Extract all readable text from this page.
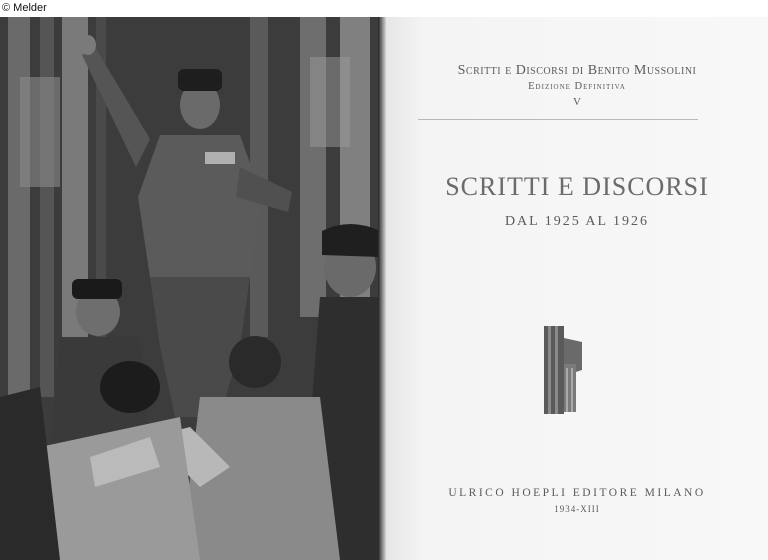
© Melder
Scritti e Discorsi di Benito Mussolini
Edizione Definitiva
V
SCRITTI E DISCORSI
DAL 1925 AL 1926
ULRICO HOEPLI EDITORE MILANO
1934-XIII
